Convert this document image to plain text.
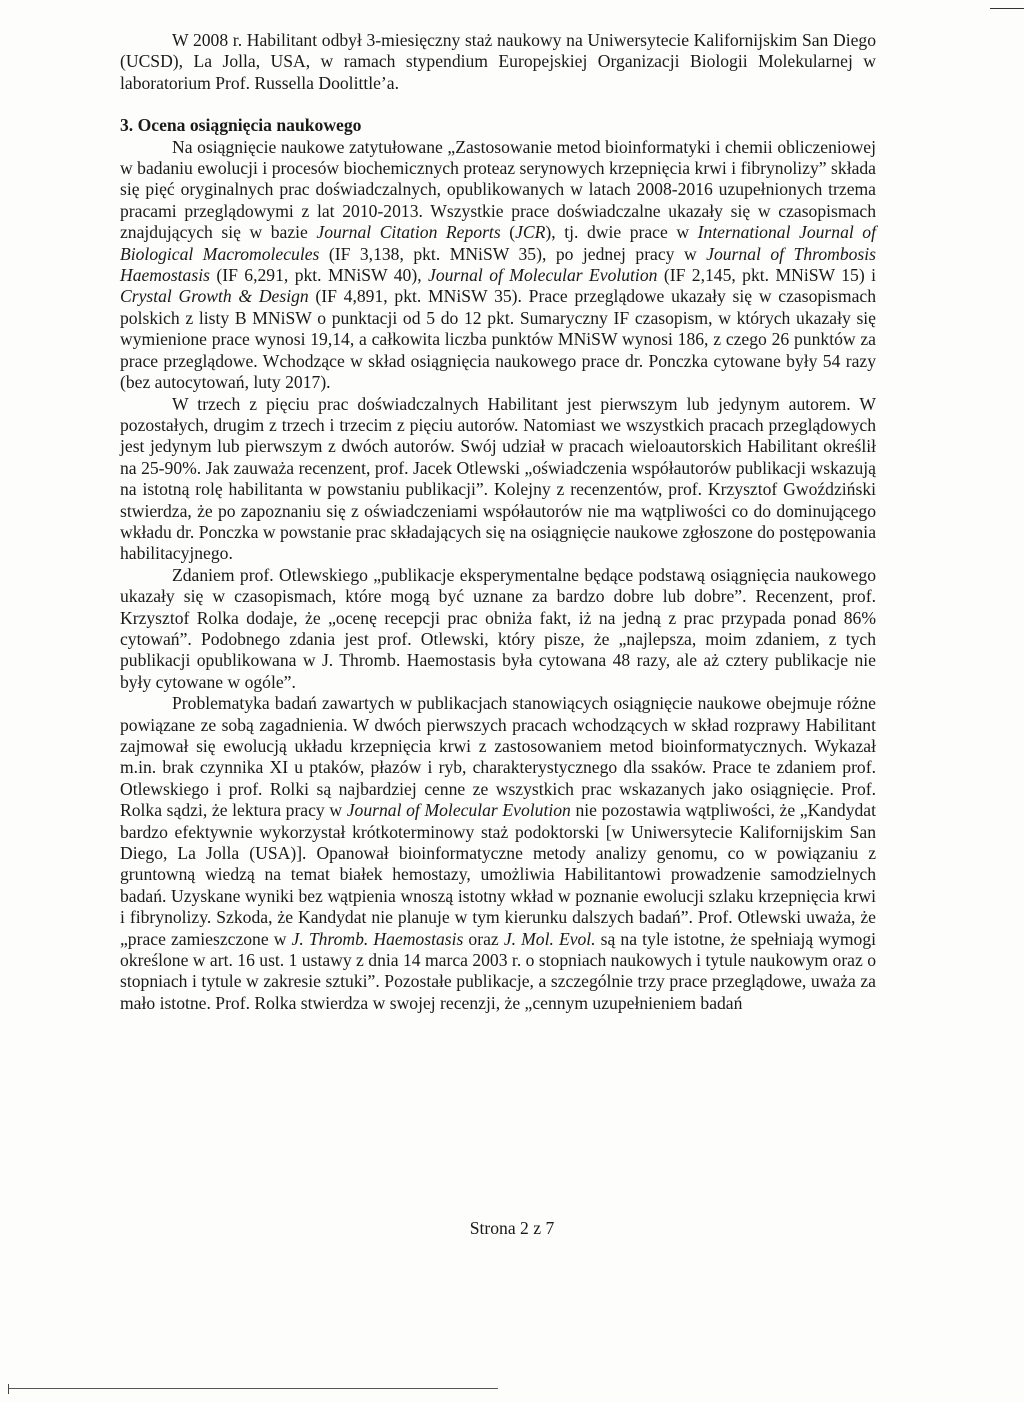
W 2008 r. Habilitant odbył 3-miesięczny staż naukowy na Uniwersytecie Kalifornijskim San Diego (UCSD), La Jolla, USA, w ramach stypendium Europejskiej Organizacji Biologii Molekularnej w laboratorium Prof. Russella Doolittle’a.

3. Ocena osiągnięcia naukowego

Na osiągnięcie naukowe zatytułowane „Zastosowanie metod bioinformatyki i chemii obliczeniowej w badaniu ewolucji i procesów biochemicznych proteaz serynowych krzepnięcia krwi i fibrynolizy” składa się pięć oryginalnych prac doświadczalnych, opublikowanych w latach 2008-2016 uzupełnionych trzema pracami przeglądowymi z lat 2010-2013. Wszystkie prace doświadczalne ukazały się w czasopismach znajdujących się w bazie Journal Citation Reports (JCR), tj. dwie prace w International Journal of Biological Macromolecules (IF 3,138, pkt. MNiSW 35), po jednej pracy w Journal of Thrombosis Haemostasis (IF 6,291, pkt. MNiSW 40), Journal of Molecular Evolution (IF 2,145, pkt. MNiSW 15) i Crystal Growth & Design (IF 4,891, pkt. MNiSW 35). Prace przeglądowe ukazały się w czasopismach polskich z listy B MNiSW o punktacji od 5 do 12 pkt. Sumaryczny IF czasopism, w których ukazały się wymienione prace wynosi 19,14, a całkowita liczba punktów MNiSW wynosi 186, z czego 26 punktów za prace przeglądowe. Wchodzące w skład osiągnięcia naukowego prace dr. Ponczka cytowane były 54 razy (bez autocytowań, luty 2017).

W trzech z pięciu prac doświadczalnych Habilitant jest pierwszym lub jedynym autorem. W pozostałych, drugim z trzech i trzecim z pięciu autorów. Natomiast we wszystkich pracach przeglądowych jest jedynym lub pierwszym z dwóch autorów. Swój udział w pracach wieloautorskich Habilitant określił na 25-90%. Jak zauważa recenzent, prof. Jacek Otlewski „oświadczenia współautorów publikacji wskazują na istotną rolę habilitanta w powstaniu publikacji”. Kolejny z recenzentów, prof. Krzysztof Gwoździński stwierdza, że po zapoznaniu się z oświadczeniami współautorów nie ma wątpliwości co do dominującego wkładu dr. Ponczka w powstanie prac składających się na osiągnięcie naukowe zgłoszone do postępowania habilitacyjnego.

Zdaniem prof. Otlewskiego „publikacje eksperymentalne będące podstawą osiągnięcia naukowego ukazały się w czasopismach, które mogą być uznane za bardzo dobre lub dobre”. Recenzent, prof. Krzysztof Rolka dodaje, że „ocenę recepcji prac obniża fakt, iż na jedną z prac przypada ponad 86% cytowań”. Podobnego zdania jest prof. Otlewski, który pisze, że „najlepsza, moim zdaniem, z tych publikacji opublikowana w J. Thromb. Haemostasis była cytowana 48 razy, ale aż cztery publikacje nie były cytowane w ogóle”.

Problematyka badań zawartych w publikacjach stanowiących osiągnięcie naukowe obejmuje różne powiązane ze sobą zagadnienia. W dwóch pierwszych pracach wchodzących w skład rozprawy Habilitant zajmował się ewolucją układu krzepnięcia krwi z zastosowaniem metod bioinformatycznych. Wykazał m.in. brak czynnika XI u ptaków, płazów i ryb, charakterystycznego dla ssaków. Prace te zdaniem prof. Otlewskiego i prof. Rolki są najbardziej cenne ze wszystkich prac wskazanych jako osiągnięcie. Prof. Rolka sądzi, że lektura pracy w Journal of Molecular Evolution nie pozostawia wątpliwości, że „Kandydat bardzo efektywnie wykorzystał krótkoterminowy staż podoktorski [w Uniwersytecie Kalifornijskim San Diego, La Jolla (USA)]. Opanował bioinformatyczne metody analizy genomu, co w powiązaniu z gruntowną wiedzą na temat białek hemostazy, umożliwia Habilitantowi prowadzenie samodzielnych badań. Uzyskane wyniki bez wątpienia wnoszą istotny wkład w poznanie ewolucji szlaku krzepnięcia krwi i fibrynolizy. Szkoda, że Kandydat nie planuje w tym kierunku dalszych badań”. Prof. Otlewski uważa, że „prace zamieszczone w J. Thromb. Haemostasis oraz J. Mol. Evol. są na tyle istotne, że spełniają wymogi określone w art. 16 ust. 1 ustawy z dnia 14 marca 2003 r. o stopniach naukowych i tytule naukowym oraz o stopniach i tytule w zakresie sztuki”. Pozostałe publikacje, a szczególnie trzy prace przeglądowe, uważa za mało istotne. Prof. Rolka stwierdza w swojej recenzji, że „cennym uzupełnieniem badań

Strona 2 z 7
